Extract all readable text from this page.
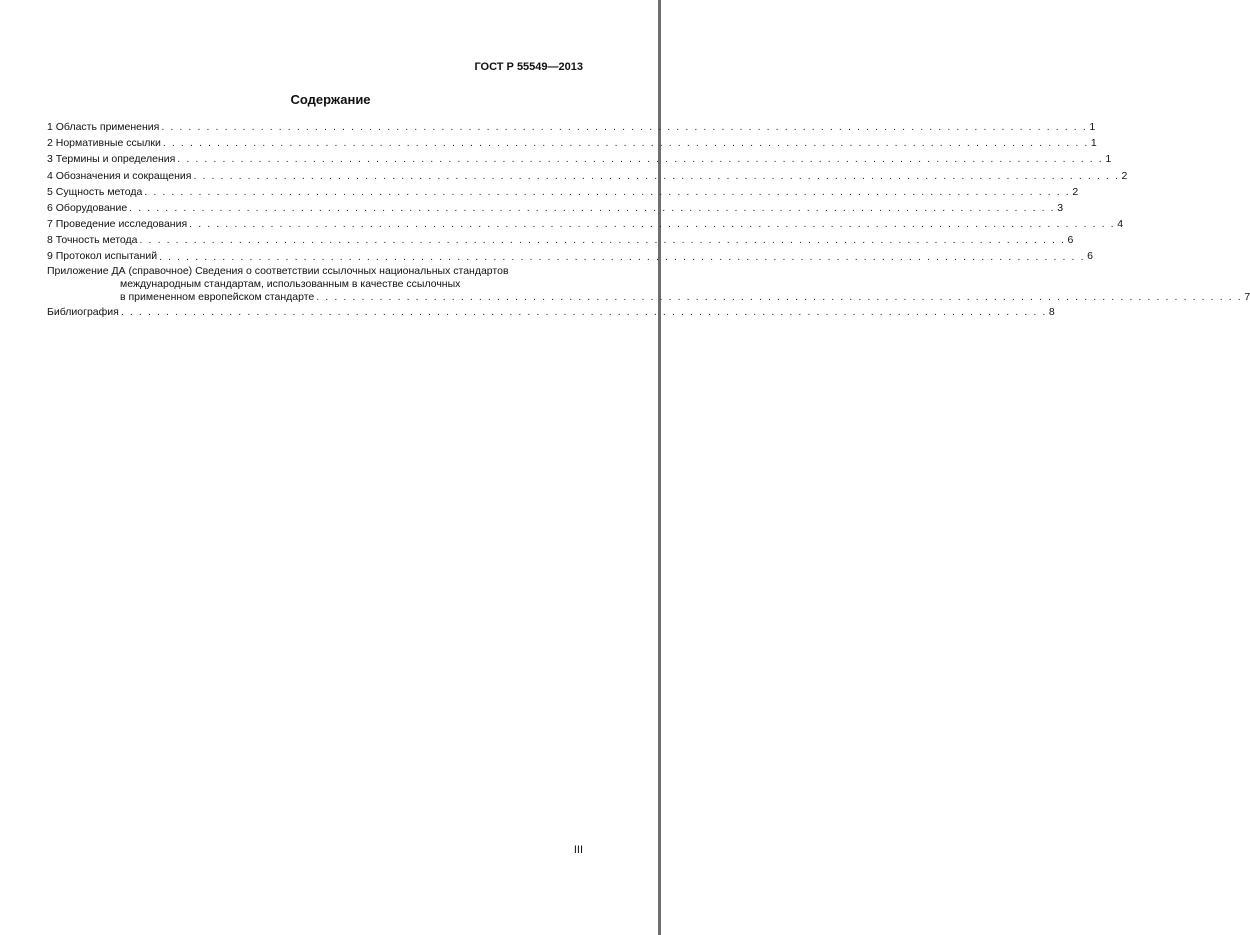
ГОСТ Р 55549—2013
Содержание
1 Область применения . . . . . . . . . . . . . . . . . . . . . . . . . . . . . . . . . . . . . . . . . . . . . . . . . . . . . . . . . . . . . . . . . . . . . . . . . . . . . . . . . . . . . . . . . . . . . . . . . . . . . . . 1
2 Нормативные ссылки . . . . . . . . . . . . . . . . . . . . . . . . . . . . . . . . . . . . . . . . . . . . . . . . . . . . . . . . . . . . . . . . . . . . . . . . . . . . . . . . . . . . . . . . . . . . . . . . . . . . . . . 1
3 Термины и определения . . . . . . . . . . . . . . . . . . . . . . . . . . . . . . . . . . . . . . . . . . . . . . . . . . . . . . . . . . . . . . . . . . . . . . . . . . . . . . . . . . . . . . . . . . . . . . . . . . . . . . . 1
4 Обозначения и сокращения . . . . . . . . . . . . . . . . . . . . . . . . . . . . . . . . . . . . . . . . . . . . . . . . . . . . . . . . . . . . . . . . . . . . . . . . . . . . . . . . . . . . . . . . . . . . . . . . . . . . . . . 2
5 Сущность метода . . . . . . . . . . . . . . . . . . . . . . . . . . . . . . . . . . . . . . . . . . . . . . . . . . . . . . . . . . . . . . . . . . . . . . . . . . . . . . . . . . . . . . . . . . . . . . . . . . . . . . . 2
6 Оборудование . . . . . . . . . . . . . . . . . . . . . . . . . . . . . . . . . . . . . . . . . . . . . . . . . . . . . . . . . . . . . . . . . . . . . . . . . . . . . . . . . . . . . . . . . . . . . . . . . . . . . . . 3
7 Проведение исследования . . . . . . . . . . . . . . . . . . . . . . . . . . . . . . . . . . . . . . . . . . . . . . . . . . . . . . . . . . . . . . . . . . . . . . . . . . . . . . . . . . . . . . . . . . . . . . . . . . . . . . . 4
8 Точность метода . . . . . . . . . . . . . . . . . . . . . . . . . . . . . . . . . . . . . . . . . . . . . . . . . . . . . . . . . . . . . . . . . . . . . . . . . . . . . . . . . . . . . . . . . . . . . . . . . . . . . . . 6
9 Протокол испытаний . . . . . . . . . . . . . . . . . . . . . . . . . . . . . . . . . . . . . . . . . . . . . . . . . . . . . . . . . . . . . . . . . . . . . . . . . . . . . . . . . . . . . . . . . . . . . . . . . . . . . . . 6
Приложение ДА (справочное) Сведения о соответствии ссылочных национальных стандартов
международным стандартам, использованным в качестве ссылочных
в примененном европейском стандарте . . . . . . . . . . . . . . . . . . . . . . . . . . . . . . . . . . . . . . . . . . . . . . . . . . . . . . . . . . . . . . . . . . . . . . . . . . . . . . . . . . . . . . . . . . . . . . . . . . . . . . . 7
Библиография . . . . . . . . . . . . . . . . . . . . . . . . . . . . . . . . . . . . . . . . . . . . . . . . . . . . . . . . . . . . . . . . . . . . . . . . . . . . . . . . . . . . . . . . . . . . . . . . . . . . . . . 8
III
